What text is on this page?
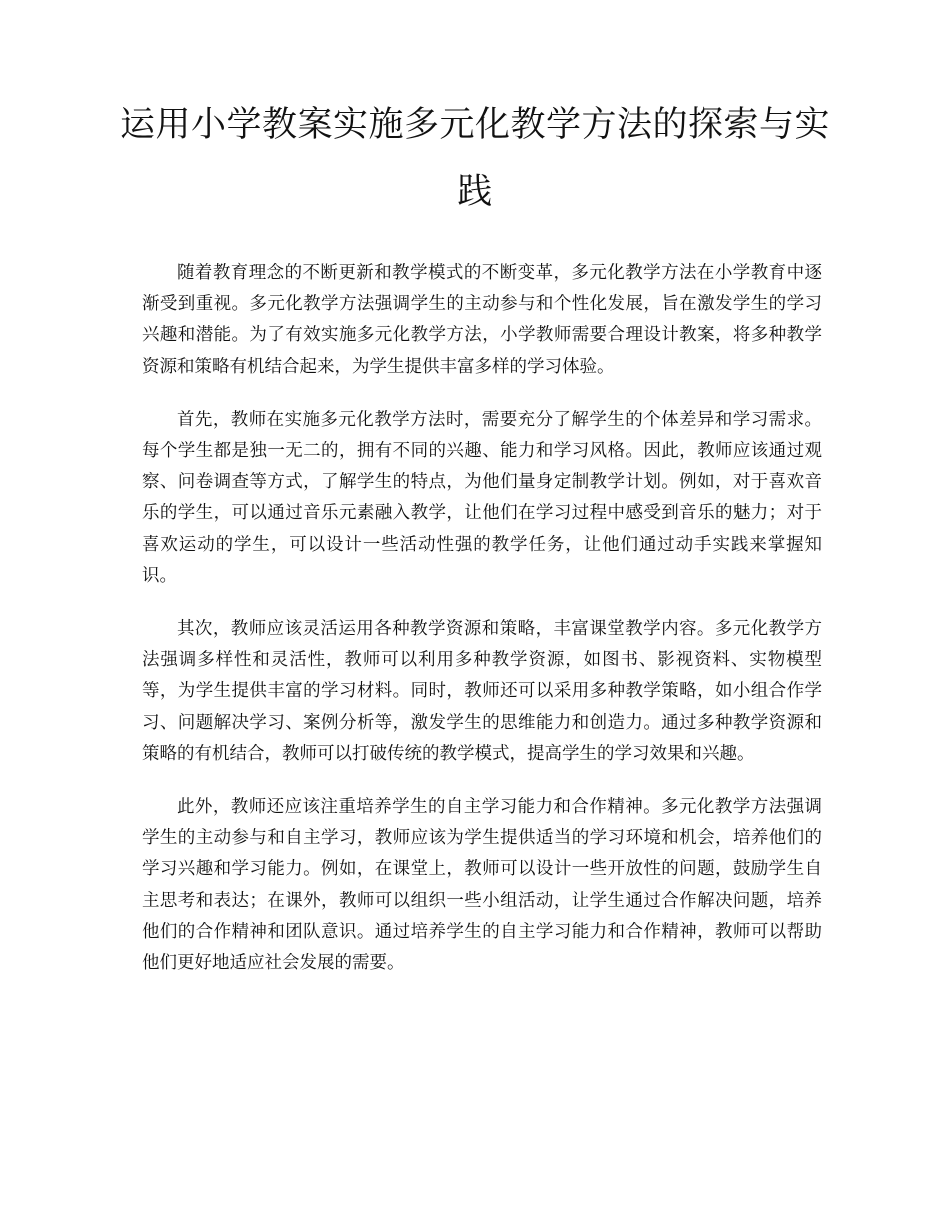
运用小学教案实施多元化教学方法的探索与实践

随着教育理念的不断更新和教学模式的不断变革，多元化教学方法在小学教育中逐渐受到重视。多元化教学方法强调学生的主动参与和个性化发展，旨在激发学生的学习兴趣和潜能。为了有效实施多元化教学方法，小学教师需要合理设计教案，将多种教学资源和策略有机结合起来，为学生提供丰富多样的学习体验。

首先，教师在实施多元化教学方法时，需要充分了解学生的个体差异和学习需求。每个学生都是独一无二的，拥有不同的兴趣、能力和学习风格。因此，教师应该通过观察、问卷调查等方式，了解学生的特点，为他们量身定制教学计划。例如，对于喜欢音乐的学生，可以通过音乐元素融入教学，让他们在学习过程中感受到音乐的魅力；对于喜欢运动的学生，可以设计一些活动性强的教学任务，让他们通过动手实践来掌握知识。

其次，教师应该灵活运用各种教学资源和策略，丰富课堂教学内容。多元化教学方法强调多样性和灵活性，教师可以利用多种教学资源，如图书、影视资料、实物模型等，为学生提供丰富的学习材料。同时，教师还可以采用多种教学策略，如小组合作学习、问题解决学习、案例分析等，激发学生的思维能力和创造力。通过多种教学资源和策略的有机结合，教师可以打破传统的教学模式，提高学生的学习效果和兴趣。

此外，教师还应该注重培养学生的自主学习能力和合作精神。多元化教学方法强调学生的主动参与和自主学习，教师应该为学生提供适当的学习环境和机会，培养他们的学习兴趣和学习能力。例如，在课堂上，教师可以设计一些开放性的问题，鼓励学生自主思考和表达；在课外，教师可以组织一些小组活动，让学生通过合作解决问题，培养他们的合作精神和团队意识。通过培养学生的自主学习能力和合作精神，教师可以帮助他们更好地适应社会发展的需要。
